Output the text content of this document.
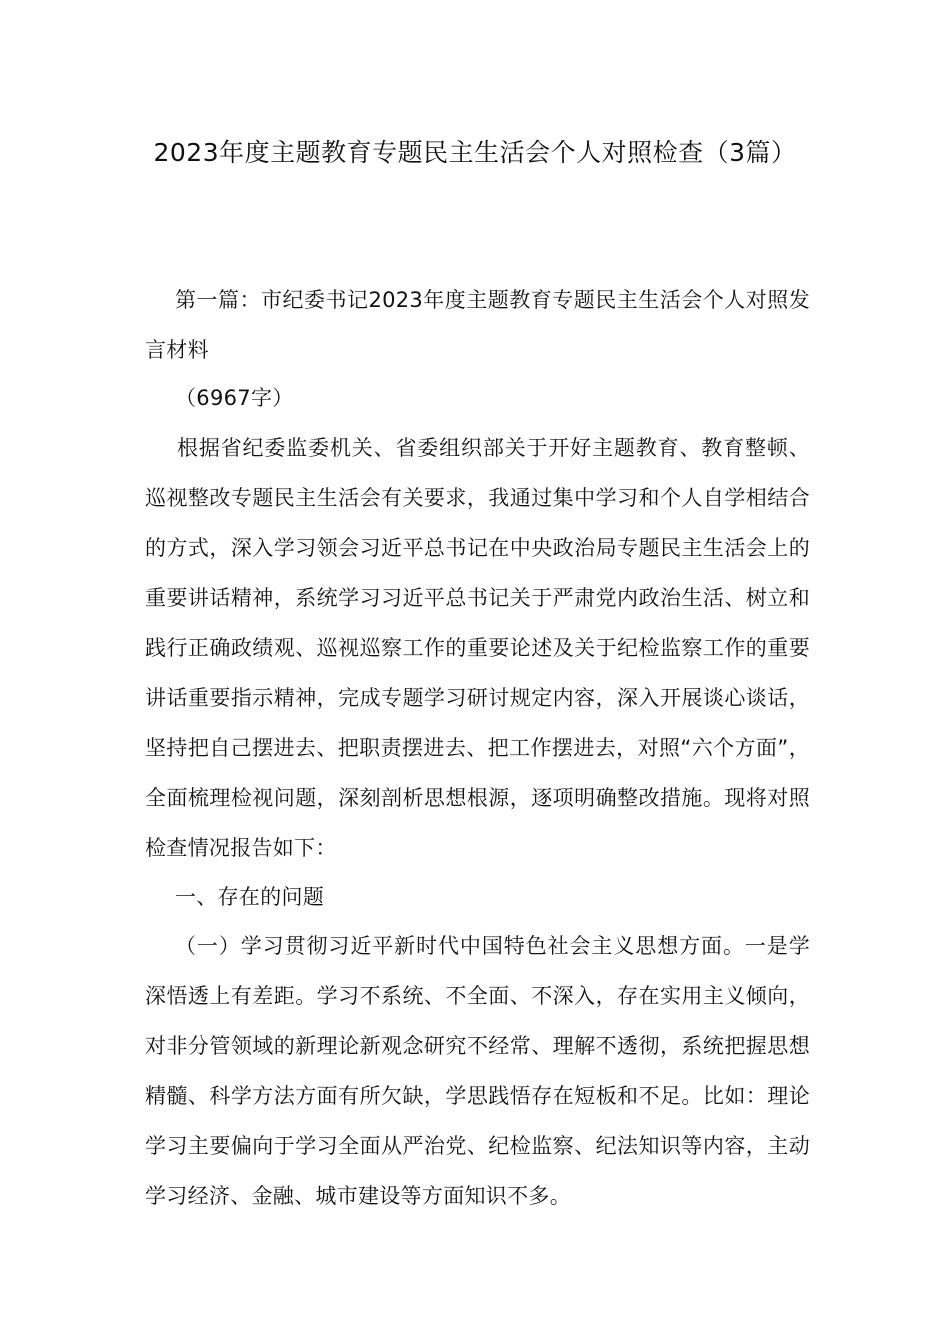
2023年度主题教育专题民主生活会个人对照检查（3篇）

第一篇：市纪委书记2023年度主题教育专题民主生活会个人对照发言材料

（6967字）

根据省纪委监委机关、省委组织部关于开好主题教育、教育整顿、巡视整改专题民主生活会有关要求，我通过集中学习和个人自学相结合的方式，深入学习领会习近平总书记在中央政治局专题民主生活会上的重要讲话精神，系统学习习近平总书记关于严肃党内政治生活、树立和践行正确政绩观、巡视巡察工作的重要论述及关于纪检监察工作的重要讲话重要指示精神，完成专题学习研讨规定内容，深入开展谈心谈话，坚持把自己摆进去、把职责摆进去、把工作摆进去，对照“六个方面”，全面梳理检视问题，深刻剖析思想根源，逐项明确整改措施。现将对照检查情况报告如下：

一、存在的问题

（一）学习贯彻习近平新时代中国特色社会主义思想方面。一是学深悟透上有差距。学习不系统、不全面、不深入，存在实用主义倾向，对非分管领域的新理论新观念研究不经常、理解不透彻，系统把握思想精髓、科学方法方面有所欠缺，学思践悟存在短板和不足。比如：理论学习主要偏向于学习全面从严治党、纪检监察、纪法知识等内容，主动学习经济、金融、城市建设等方面知识不多。
